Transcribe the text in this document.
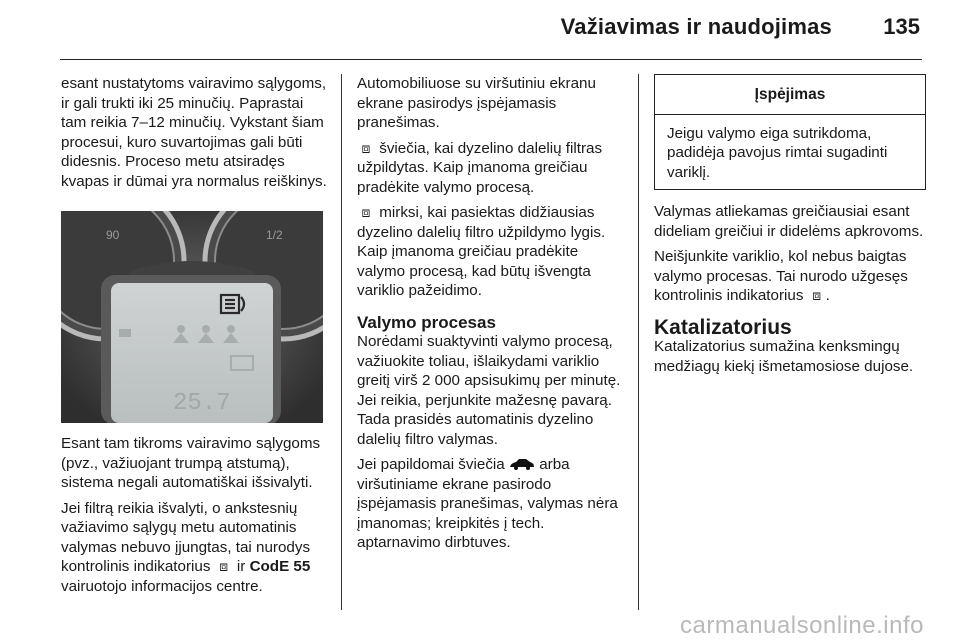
Važiavimas ir naudojimas 135

esant nustatytoms vairavimo sąlygoms, ir gali trukti iki 25 minučių. Paprastai tam reikia 7–12 minučių. Vykstant šiam procesui, kuro suvartojimas gali būti didesnis. Proceso metu atsiradęs kvapas ir dūmai yra normalus reiškinys.

90	1/2
25.7

Esant tam tikroms vairavimo sąlygoms (pvz., važiuojant trumpą atstumą), sistema negali automatiškai išsivalyti.

Jei filtrą reikia išvalyti, o ankstesnių važiavimo sąlygų metu automatinis valymas nebuvo įjungtas, tai nurodys kontrolinis indikatorius ⧈ ir CodE 55 vairuotojo informacijos centre.

Automobiliuose su viršutiniu ekranu ekrane pasirodys įspėjamasis pranešimas.

⧈ šviečia, kai dyzelino dalelių filtras užpildytas. Kaip įmanoma greičiau pradėkite valymo procesą.

⧈ mirksi, kai pasiektas didžiausias dyzelino dalelių filtro užpildymo lygis. Kaip įmanoma greičiau pradėkite valymo procesą, kad būtų išvengta variklio pažeidimo.

Valymo procesas

Norėdami suaktyvinti valymo procesą, važiuokite toliau, išlaikydami variklio greitį virš 2 000 apsisukimų per minutę. Jei reikia, perjunkite mažesnę pavarą. Tada prasidės automatinis dyzelino dalelių filtro valymas.

Jei papildomai šviečia arba viršutiniame ekrane pasirodo įspėjamasis pranešimas, valymas nėra įmanomas; kreipkitės į tech. aptarnavimo dirbtuves.

Įspėjimas
Jeigu valymo eiga sutrikdoma, padidėja pavojus rimtai sugadinti variklį.

Valymas atliekamas greičiausiai esant dideliam greičiui ir didelėms apkrovoms.

Neišjunkite variklio, kol nebus baigtas valymo procesas. Tai nurodo užgesęs kontrolinis indikatorius ⧈ .

Katalizatorius

Katalizatorius sumažina kenksmingų medžiagų kiekį išmetamosiose dujose.

carmanualsonline.info
